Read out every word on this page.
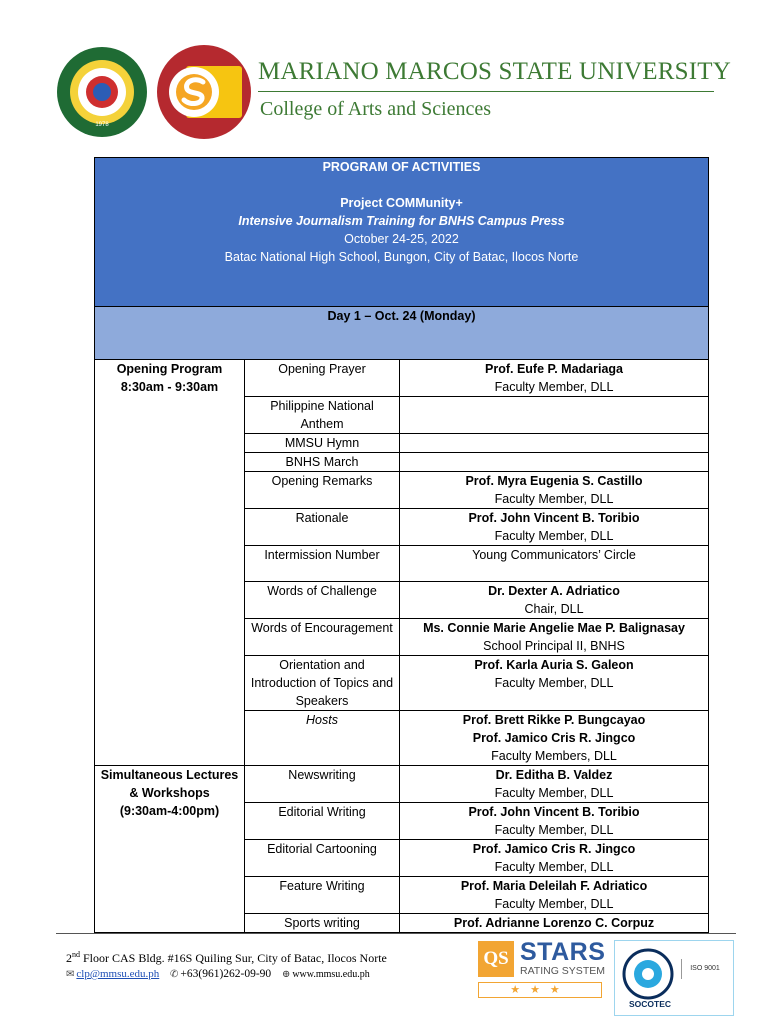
1978
MARIANO MARCOS STATE UNIVERSITY
College of Arts and Sciences
PROGRAM OF ACTIVITIES

Project COMMunity+
Intensive Journalism Training for BNHS Campus Press
October 24-25, 2022
Batac National High School, Bungon, City of Batac, Ilocos Norte		

Day 1 – Oct. 24 (Monday)		

Opening Program
8:30am - 9:30am	Opening Prayer	Prof. Eufe P. Madariaga
Faculty Member, DLL

	Philippine National Anthem	
	MMSU Hymn	
	BNHS March	
	Opening Remarks	Prof. Myra Eugenia S. Castillo
Faculty Member, DLL

	Rationale	Prof. John Vincent B. Toribio
Faculty Member, DLL

	Intermission Number	Young Communicators’ Circle

	Words of Challenge	Dr. Dexter A. Adriatico
Chair, DLL

	Words of Encouragement	Ms. Connie Marie Angelie Mae P. Balignasay
School Principal II, BNHS

	Orientation and Introduction of Topics and Speakers	Prof. Karla Auria S. Galeon
Faculty Member, DLL

	Hosts	Prof. Brett Rikke P. Bungcayao
Prof. Jamico Cris R. Jingco
Faculty Members, DLL

Simultaneous Lectures & Workshops
(9:30am-4:00pm)	Newswriting	Dr. Editha B. Valdez
Faculty Member, DLL

	Editorial Writing	Prof. John Vincent B. Toribio
Faculty Member, DLL

	Editorial Cartooning	Prof. Jamico Cris R. Jingco
Faculty Member, DLL

	Feature Writing	Prof. Maria Deleilah F. Adriatico
Faculty Member, DLL

	Sports writing	Prof. Adrianne Lorenzo C. Corpuz
2nd Floor CAS Bldg. #16S Quiling Sur, City of Batac, Ilocos Norte
✉ clp@mmsu.edu.ph ✆ +63(961)262-09-90 ⊕ www.mmsu.edu.ph
QS STARS
RATING SYSTEM
★★★
SOCOTEC
ISO 9001
